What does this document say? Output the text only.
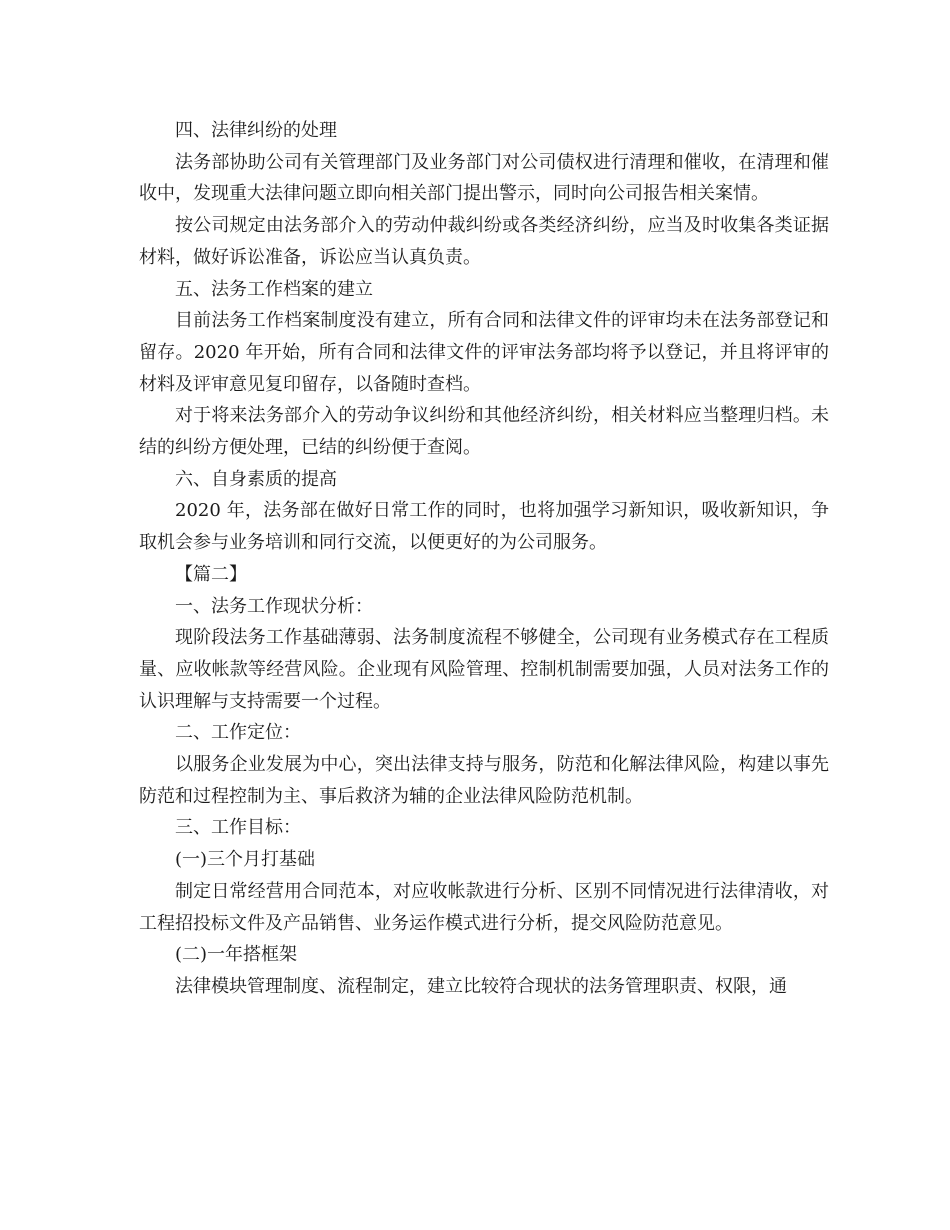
四、法律纠纷的处理

法务部协助公司有关管理部门及业务部门对公司债权进行清理和催收，在清理和催收中，发现重大法律问题立即向相关部门提出警示，同时向公司报告相关案情。

按公司规定由法务部介入的劳动仲裁纠纷或各类经济纠纷，应当及时收集各类证据材料，做好诉讼准备，诉讼应当认真负责。

五、法务工作档案的建立

目前法务工作档案制度没有建立，所有合同和法律文件的评审均未在法务部登记和留存。2020 年开始，所有合同和法律文件的评审法务部均将予以登记，并且将评审的材料及评审意见复印留存，以备随时查档。

对于将来法务部介入的劳动争议纠纷和其他经济纠纷，相关材料应当整理归档。未结的纠纷方便处理，已结的纠纷便于查阅。

六、自身素质的提高

2020 年，法务部在做好日常工作的同时，也将加强学习新知识，吸收新知识，争取机会参与业务培训和同行交流，以便更好的为公司服务。

【篇二】

一、法务工作现状分析：

现阶段法务工作基础薄弱、法务制度流程不够健全，公司现有业务模式存在工程质量、应收帐款等经营风险。企业现有风险管理、控制机制需要加强，人员对法务工作的认识理解与支持需要一个过程。

二、工作定位：

以服务企业发展为中心，突出法律支持与服务，防范和化解法律风险，构建以事先防范和过程控制为主、事后救济为辅的企业法律风险防范机制。

三、工作目标：

(一)三个月打基础

制定日常经营用合同范本，对应收帐款进行分析、区别不同情况进行法律清收，对工程招投标文件及产品销售、业务运作模式进行分析，提交风险防范意见。

(二)一年搭框架

法律模块管理制度、流程制定，建立比较符合现状的法务管理职责、权限，通
